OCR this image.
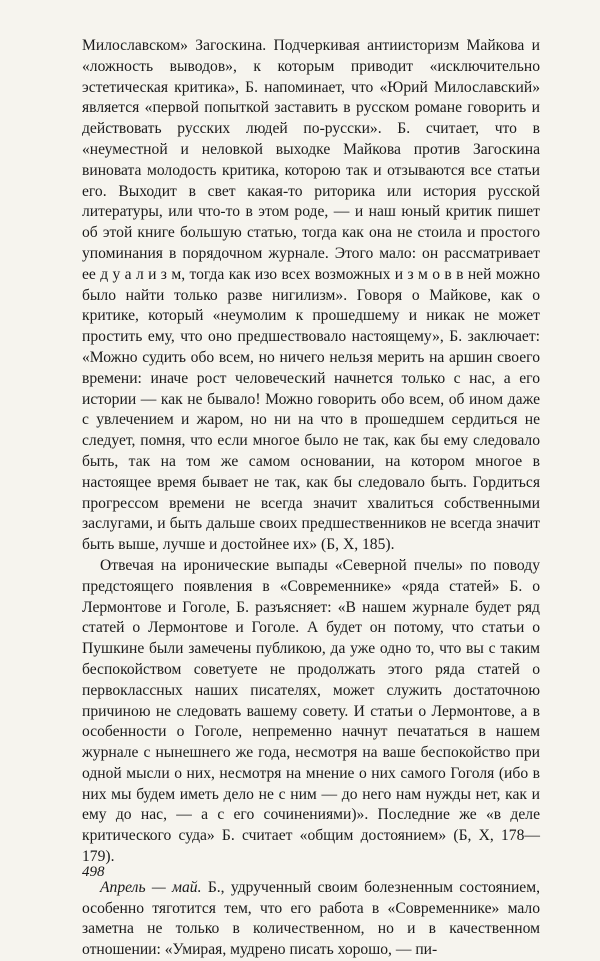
Милославском» Загоскина. Подчеркивая антиисторизм Майкова и «ложность выводов», к которым приводит «исключительно эстетическая критика», Б. напоминает, что «Юрий Милославский» является «первой попыткой заставить в русском романе говорить и действовать русских людей по-русски». Б. считает, что в «неуместной и неловкой выходке Майкова против Загоскина виновата молодость критика, которою так и отзываются все статьи его. Выходит в свет какая-то риторика или история русской литературы, или что-то в этом роде, — и наш юный критик пишет об этой книге большую статью, тогда как она не стоила и простого упоминания в порядочном журнале. Этого мало: он рассматривает ее д у а л и з м, тогда как изо всех возможных и з м о в в ней можно было найти только разве нигилизм». Говоря о Майкове, как о критике, который «неумолим к прошедшему и никак не может простить ему, что оно предшествовало настоящему», Б. заключает: «Можно судить обо всем, но ничего нельзя мерить на аршин своего времени: иначе рост человеческий начнется только с нас, а его истории — как не бывало! Можно говорить обо всем, об ином даже с увлечением и жаром, но ни на что в прошедшем сердиться не следует, помня, что если многое было не так, как бы ему следовало быть, так на том же самом основании, на котором многое в настоящее время бывает не так, как бы следовало быть. Гордиться прогрессом времени не всегда значит хвалиться собственными заслугами, и быть дальше своих предшественников не всегда значит быть выше, лучше и достойнее их» (Б, X, 185).

Отвечая на иронические выпады «Северной пчелы» по поводу предстоящего появления в «Современнике» «ряда статей» Б. о Лермонтове и Гоголе, Б. разъясняет: «В нашем журнале будет ряд статей о Лермонтове и Гоголе. А будет он потому, что статьи о Пушкине были замечены публикою, да уже одно то, что вы с таким беспокойством советуете не продолжать этого ряда статей о первоклассных наших писателях, может служить достаточною причиною не следовать вашему совету. И статьи о Лермонтове, а в особенности о Гоголе, непременно начнут печататься в нашем журнале с нынешнего же года, несмотря на ваше беспокойство при одной мысли о них, несмотря на мнение о них самого Гоголя (ибо в них мы будем иметь дело не с ним — до него нам нужды нет, как и ему до нас, — а с его сочинениями)». Последние же «в деле критического суда» Б. считает «общим достоянием» (Б, X, 178—179).

Апрель — май. Б., удрученный своим болезненным состоянием, особенно тяготится тем, что его работа в «Современнике» мало заметна не только в количественном, но и в качественном отношении: «Умирая, мудрено писать хорошо, — пи-

498
